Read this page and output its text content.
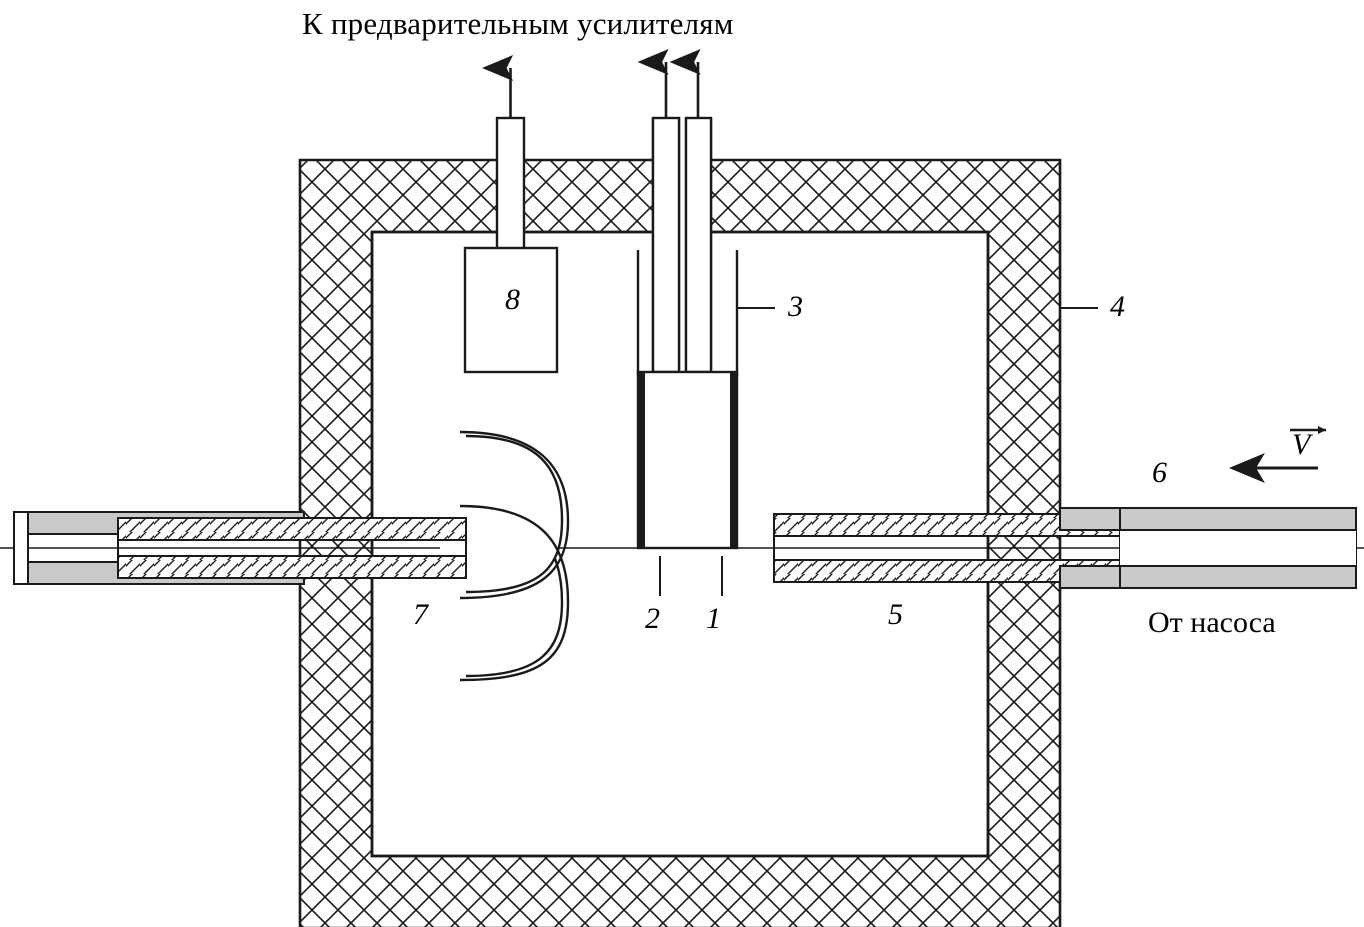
К предварительным усилителям
8	3	4
6
V
7	2 1	5	От насоса
